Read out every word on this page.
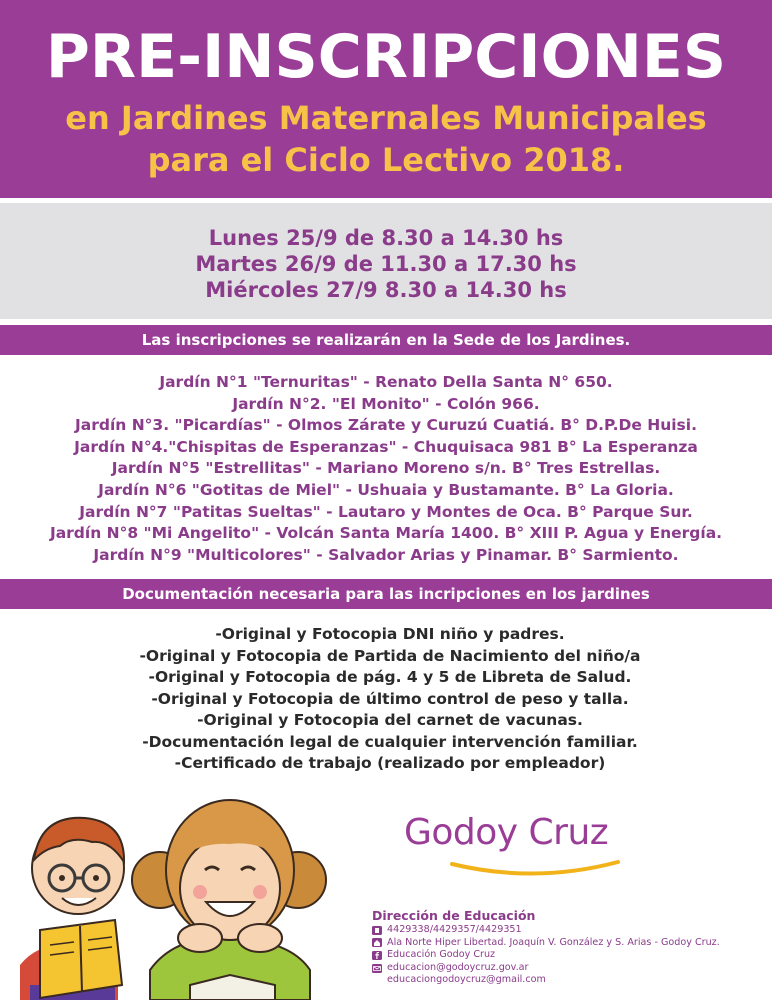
PRE-INSCRIPCIONES
en Jardines Maternales Municipales
para el Ciclo Lectivo 2018.
Lunes 25/9 de 8.30 a 14.30 hs
Martes 26/9 de 11.30 a 17.30 hs
Miércoles 27/9 8.30 a 14.30 hs
Las inscripciones se realizarán en la Sede de los Jardines.
Jardín N°1 "Ternuritas" - Renato Della Santa N° 650.
Jardín N°2. "El Monito" - Colón 966.
Jardín N°3. "Picardías" - Olmos Zárate y Curuzú Cuatiá. B° D.P.De Huisi.
Jardín N°4."Chispitas de Esperanzas" - Chuquisaca 981 B° La Esperanza
Jardín N°5 "Estrellitas" - Mariano Moreno s/n. B° Tres Estrellas.
Jardín N°6 "Gotitas de Miel" - Ushuaia y Bustamante. B° La Gloria.
Jardín N°7 "Patitas Sueltas" - Lautaro y Montes de Oca. B° Parque Sur.
Jardín N°8 "Mi Angelito" - Volcán Santa María 1400. B° XIII P. Agua y Energía.
Jardín N°9 "Multicolores" - Salvador Arias y Pinamar. B° Sarmiento.
Documentación necesaria para las incripciones en los jardines
-Original y Fotocopia DNI niño y padres.
-Original y Fotocopia de Partida de Nacimiento del niño/a
-Original y Fotocopia de pág. 4 y 5 de Libreta de Salud.
-Original y Fotocopia de último control de peso y talla.
-Original y Fotocopia del carnet de vacunas.
-Documentación legal de cualquier intervención familiar.
-Certificado de trabajo (realizado por empleador)
Godoy Cruz
Dirección de Educación
4429338/4429357/4429351
Ala Norte Hiper Libertad. Joaquín V. González y S. Arias - Godoy Cruz.
Educación Godoy Cruz
educacion@godoycruz.gov.ar
educaciongodoycruz@gmail.com
